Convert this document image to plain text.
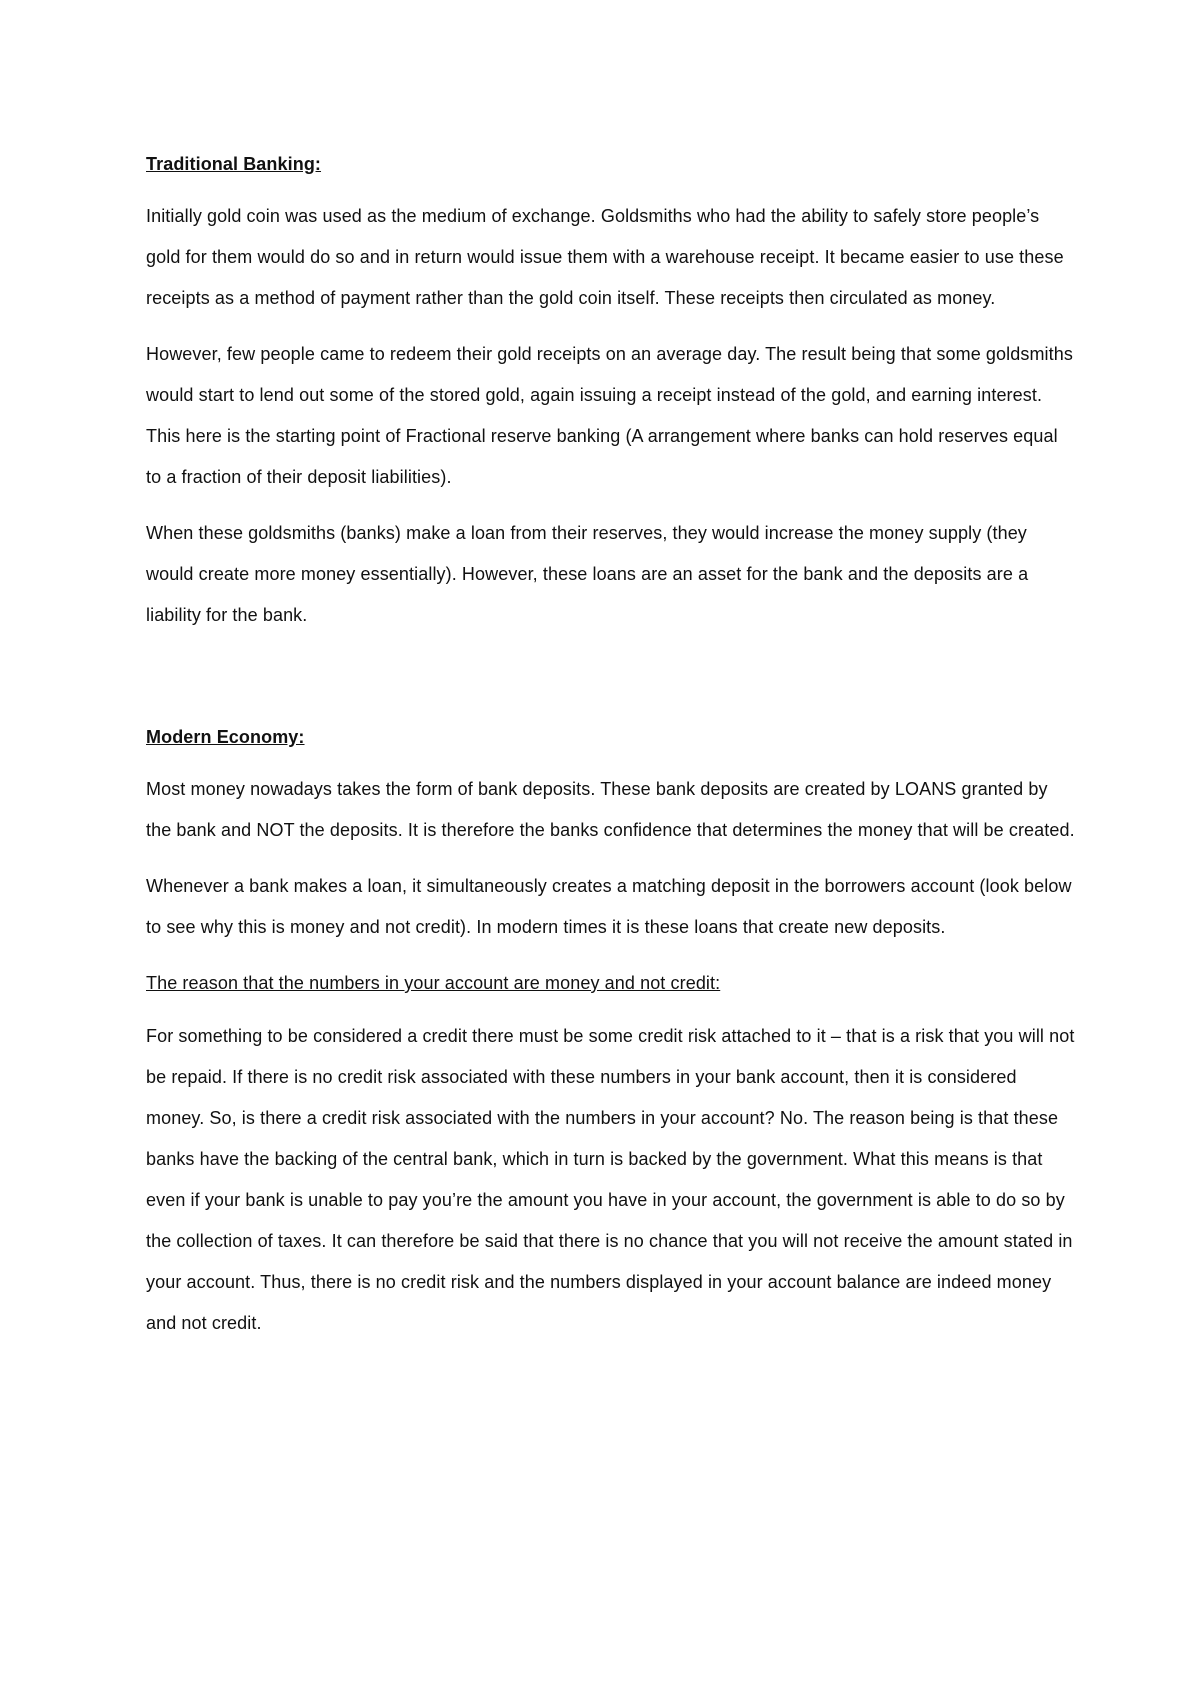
Traditional Banking:

Initially gold coin was used as the medium of exchange. Goldsmiths who had the ability to safely store people’s gold for them would do so and in return would issue them with a warehouse receipt. It became easier to use these receipts as a method of payment rather than the gold coin itself. These receipts then circulated as money.

However, few people came to redeem their gold receipts on an average day. The result being that some goldsmiths would start to lend out some of the stored gold, again issuing a receipt instead of the gold, and earning interest. This here is the starting point of Fractional reserve banking (A arrangement where banks can hold reserves equal to a fraction of their deposit liabilities).

When these goldsmiths (banks) make a loan from their reserves, they would increase the money supply (they would create more money essentially). However, these loans are an asset for the bank and the deposits are a liability for the bank.

Modern Economy:

Most money nowadays takes the form of bank deposits. These bank deposits are created by LOANS granted by the bank and NOT the deposits. It is therefore the banks confidence that determines the money that will be created.

Whenever a bank makes a loan, it simultaneously creates a matching deposit in the borrowers account (look below to see why this is money and not credit). In modern times it is these loans that create new deposits.

The reason that the numbers in your account are money and not credit:

For something to be considered a credit there must be some credit risk attached to it – that is a risk that you will not be repaid. If there is no credit risk associated with these numbers in your bank account, then it is considered money. So, is there a credit risk associated with the numbers in your account? No. The reason being is that these banks have the backing of the central bank, which in turn is backed by the government. What this means is that even if your bank is unable to pay you’re the amount you have in your account, the government is able to do so by the collection of taxes. It can therefore be said that there is no chance that you will not receive the amount stated in your account. Thus, there is no credit risk and the numbers displayed in your account balance are indeed money and not credit.
